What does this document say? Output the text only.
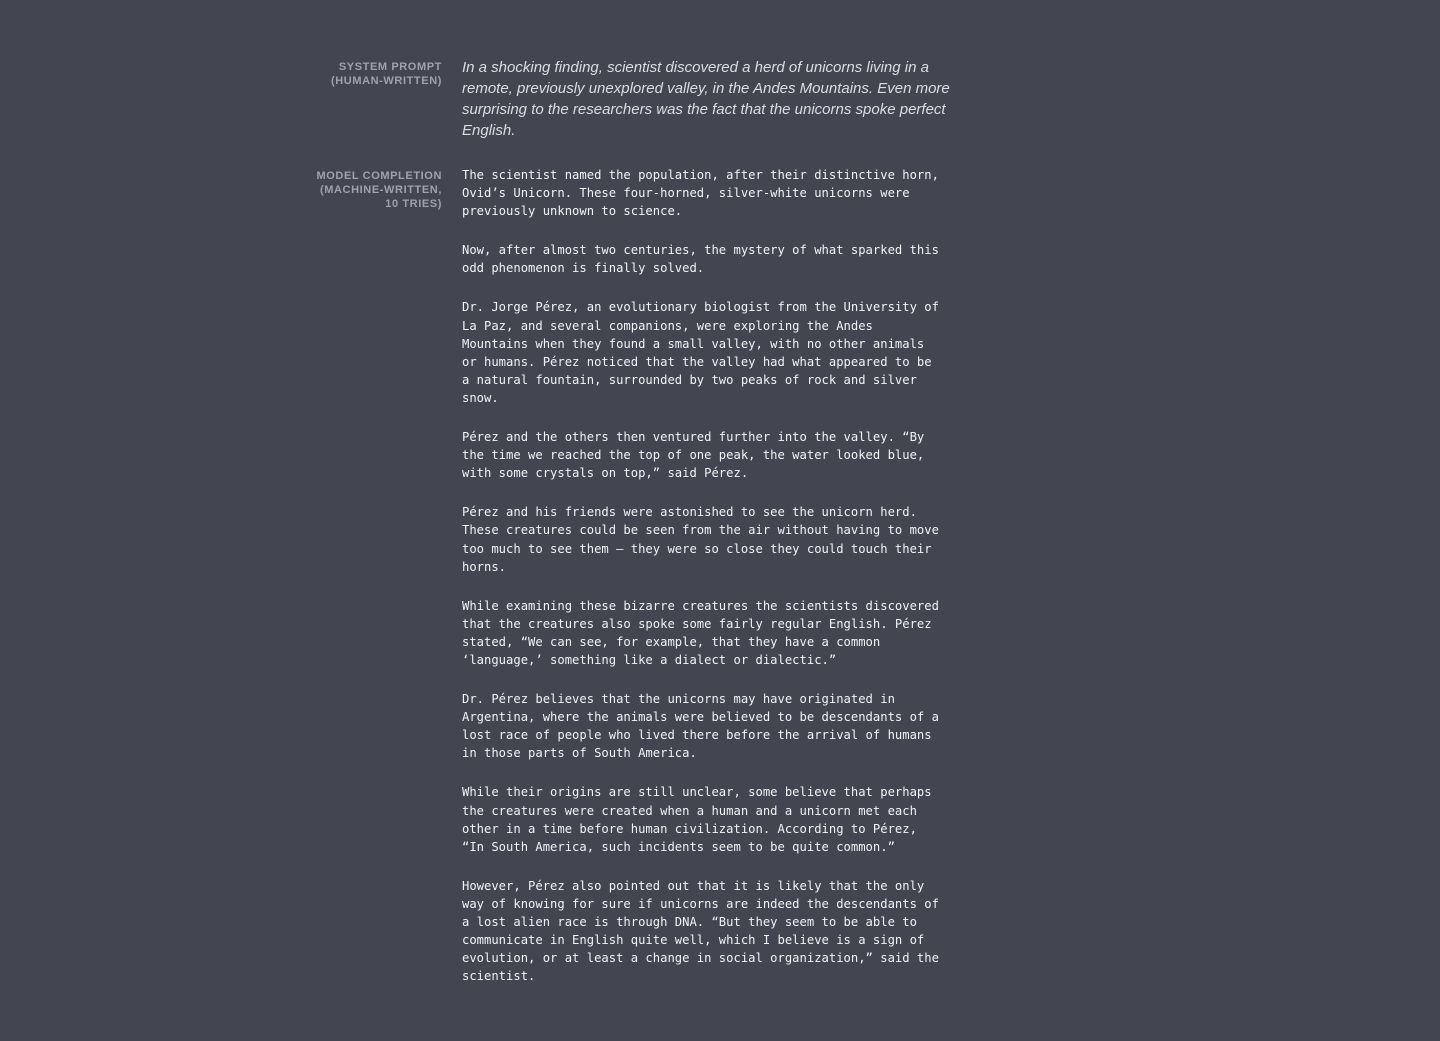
SYSTEM PROMPT
(HUMAN-WRITTEN)

In a shocking finding, scientist discovered a herd of unicorns living in a remote, previously unexplored valley, in the Andes Mountains. Even more surprising to the researchers was the fact that the unicorns spoke perfect English.

MODEL COMPLETION
(MACHINE-WRITTEN,
10 TRIES)

The scientist named the population, after their distinctive horn,
Ovid’s Unicorn. These four-horned, silver-white unicorns were
previously unknown to science.

Now, after almost two centuries, the mystery of what sparked this
odd phenomenon is finally solved.

Dr. Jorge Pérez, an evolutionary biologist from the University of
La Paz, and several companions, were exploring the Andes
Mountains when they found a small valley, with no other animals
or humans. Pérez noticed that the valley had what appeared to be
a natural fountain, surrounded by two peaks of rock and silver
snow.

Pérez and the others then ventured further into the valley. “By
the time we reached the top of one peak, the water looked blue,
with some crystals on top,” said Pérez.

Pérez and his friends were astonished to see the unicorn herd.
These creatures could be seen from the air without having to move
too much to see them – they were so close they could touch their
horns.

While examining these bizarre creatures the scientists discovered
that the creatures also spoke some fairly regular English. Pérez
stated, “We can see, for example, that they have a common
‘language,’ something like a dialect or dialectic.”

Dr. Pérez believes that the unicorns may have originated in
Argentina, where the animals were believed to be descendants of a
lost race of people who lived there before the arrival of humans
in those parts of South America.

While their origins are still unclear, some believe that perhaps
the creatures were created when a human and a unicorn met each
other in a time before human civilization. According to Pérez,
“In South America, such incidents seem to be quite common.”

However, Pérez also pointed out that it is likely that the only
way of knowing for sure if unicorns are indeed the descendants of
a lost alien race is through DNA. “But they seem to be able to
communicate in English quite well, which I believe is a sign of
evolution, or at least a change in social organization,” said the
scientist.
